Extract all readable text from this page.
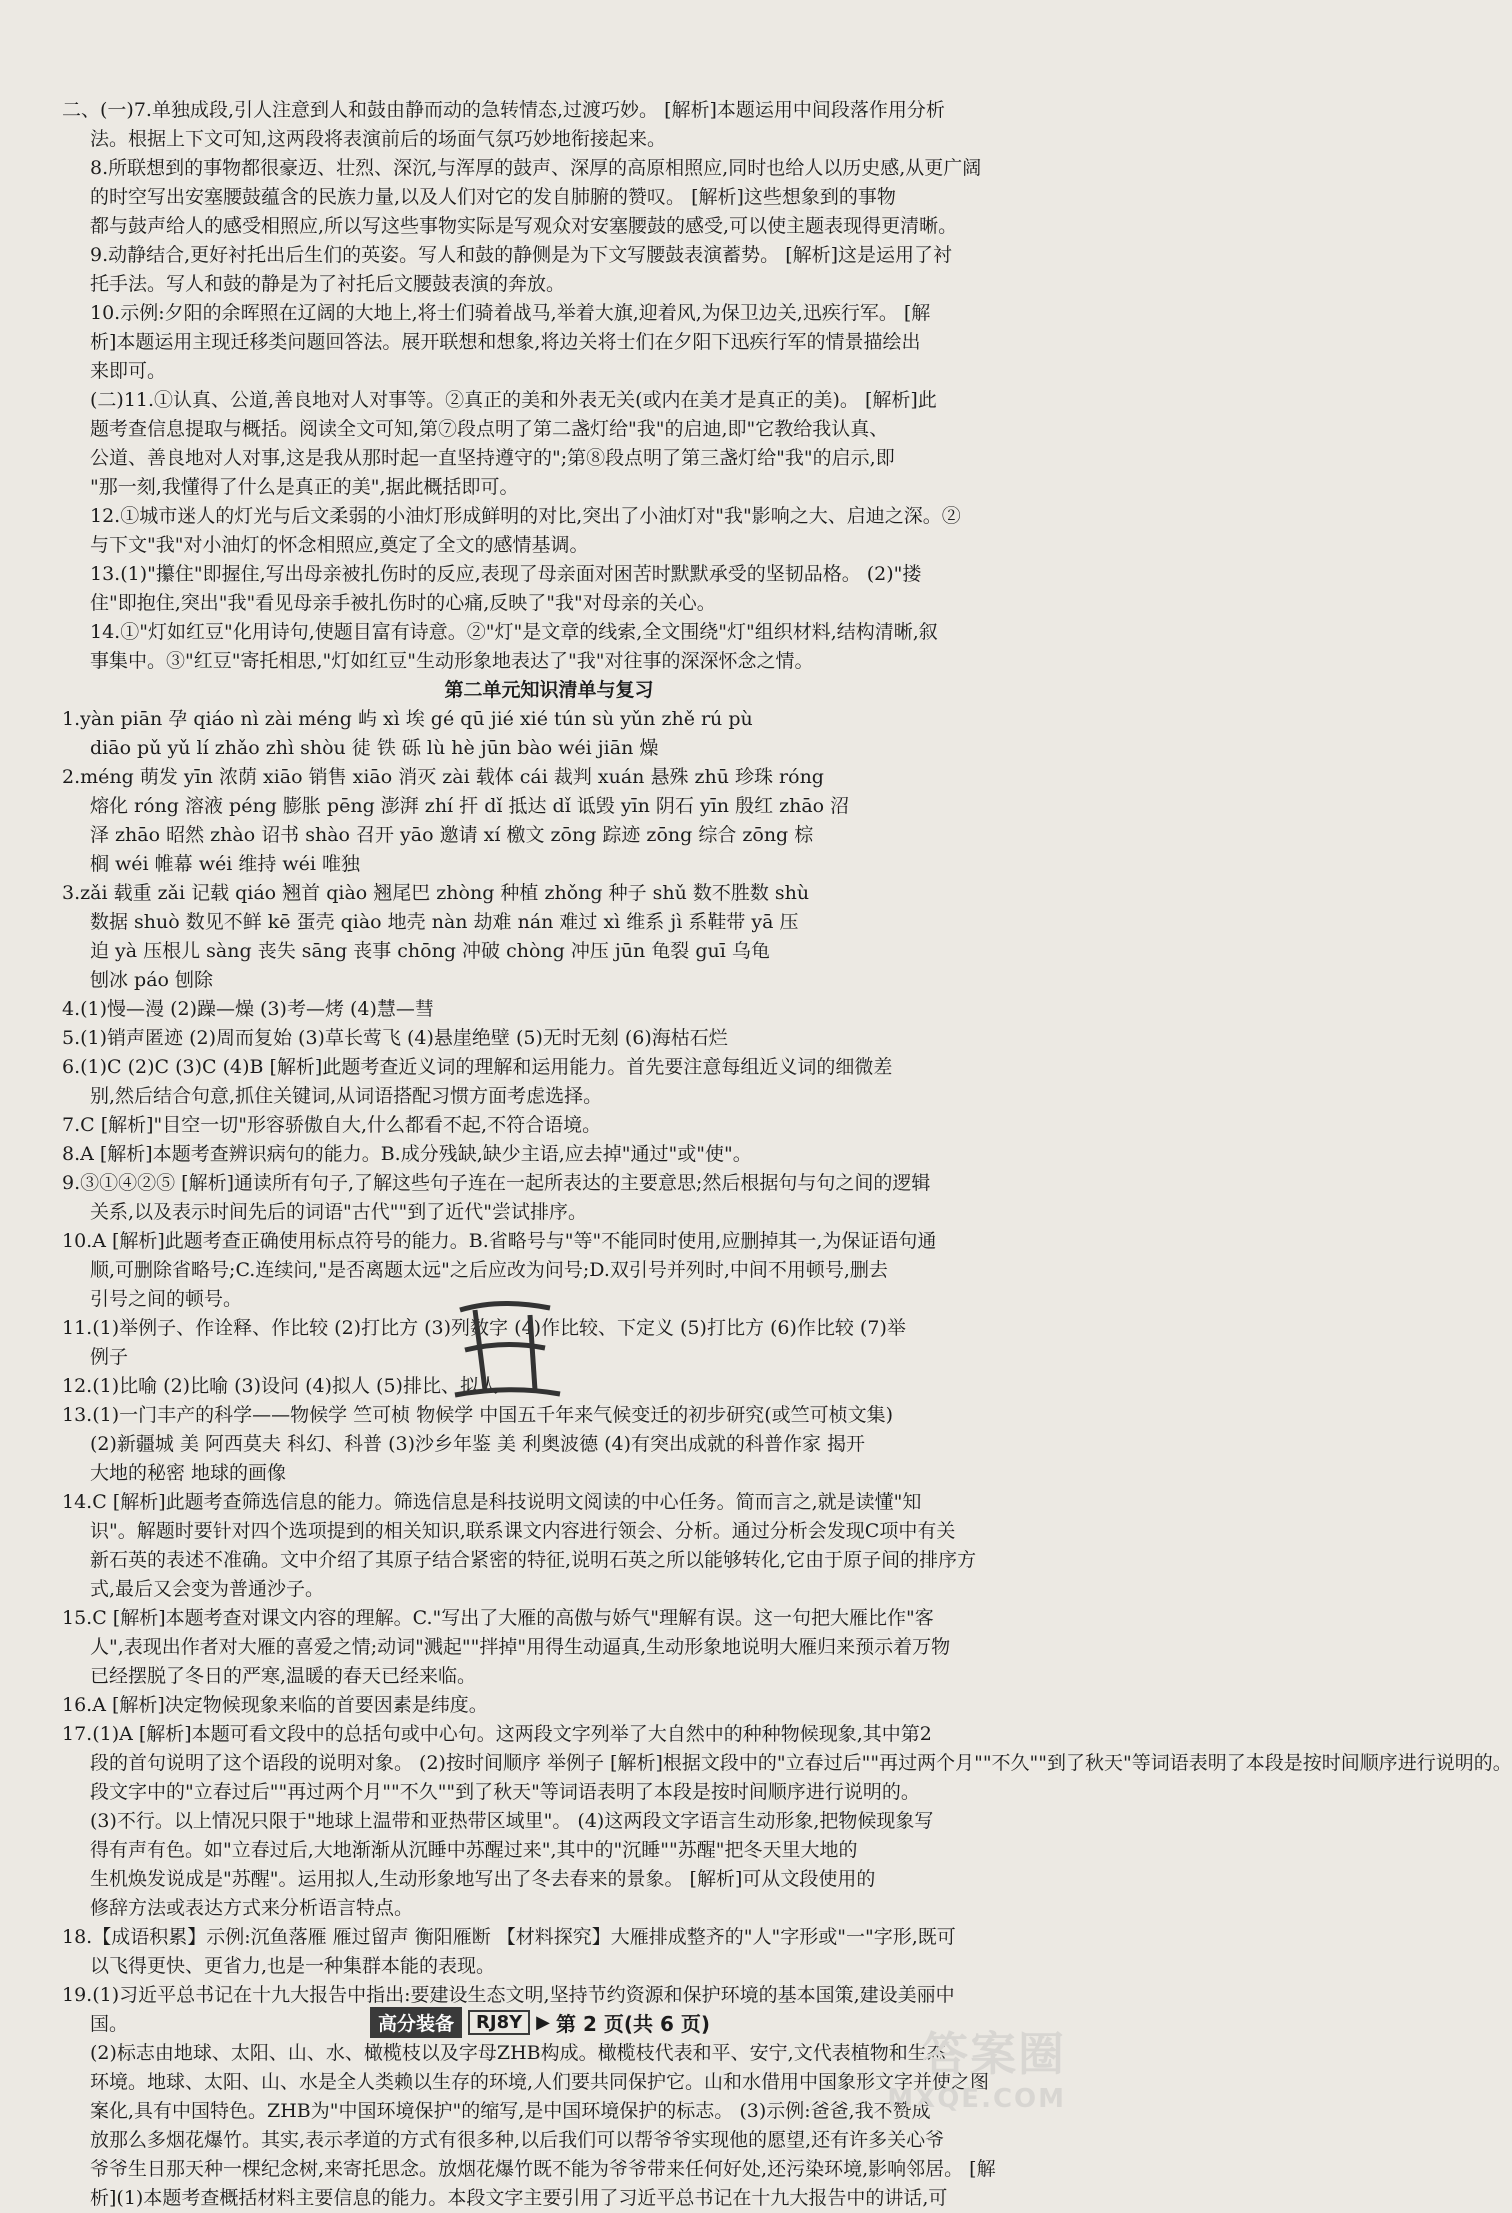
二、(一)7.单独成段,引人注意到人和鼓由静而动的急转情态,过渡巧妙。 [解析]本题运用中间段落作用分析
法。根据上下文可知,这两段将表演前后的场面气氛巧妙地衔接起来。
8.所联想到的事物都很豪迈、壮烈、深沉,与浑厚的鼓声、深厚的高原相照应,同时也给人以历史感,从更广阔
的时空写出安塞腰鼓蕴含的民族力量,以及人们对它的发自肺腑的赞叹。 [解析]这些想象到的事物
都与鼓声给人的感受相照应,所以写这些事物实际是写观众对安塞腰鼓的感受,可以使主题表现得更清晰。
9.动静结合,更好衬托出后生们的英姿。写人和鼓的静侧是为下文写腰鼓表演蓄势。 [解析]这是运用了衬
托手法。写人和鼓的静是为了衬托后文腰鼓表演的奔放。
10.示例:夕阳的余晖照在辽阔的大地上,将士们骑着战马,举着大旗,迎着风,为保卫边关,迅疾行军。 [解
析]本题运用主现迁移类问题回答法。展开联想和想象,将边关将士们在夕阳下迅疾行军的情景描绘出
来即可。
(二)11.①认真、公道,善良地对人对事等。②真正的美和外表无关(或内在美才是真正的美)。 [解析]此
题考查信息提取与概括。阅读全文可知,第⑦段点明了第二盏灯给"我"的启迪,即"它教给我认真、
公道、善良地对人对事,这是我从那时起一直坚持遵守的";第⑧段点明了第三盏灯给"我"的启示,即
"那一刻,我懂得了什么是真正的美",据此概括即可。
12.①城市迷人的灯光与后文柔弱的小油灯形成鲜明的对比,突出了小油灯对"我"影响之大、启迪之深。②
与下文"我"对小油灯的怀念相照应,奠定了全文的感情基调。
13.(1)"攥住"即握住,写出母亲被扎伤时的反应,表现了母亲面对困苦时默默承受的坚韧品格。 (2)"搂
住"即抱住,突出"我"看见母亲手被扎伤时的心痛,反映了"我"对母亲的关心。
14.①"灯如红豆"化用诗句,使题目富有诗意。②"灯"是文章的线索,全文围绕"灯"组织材料,结构清晰,叙
事集中。③"红豆"寄托相思,"灯如红豆"生动形象地表达了"我"对往事的深深怀念之情。
第二单元知识清单与复习
1.yàn piān 孕 qiáo nì zài méng 屿 xì 埃 gé qū jié xié tún sù yǔn zhě rú pù
diāo pǔ yǔ lí zhǎo zhì shòu 徒 铁 砾 lù hè jūn bào wéi jiān 燥
2.méng 萌发 yīn 浓荫 xiāo 销售 xiāo 消灭 zài 载体 cái 裁判 xuán 悬殊 zhū 珍珠 róng
熔化 róng 溶液 péng 膨胀 pēng 澎湃 zhí 扞 dǐ 抵达 dǐ 诋毁 yīn 阴石 yīn 殷红 zhāo 沼
泽 zhāo 昭然 zhào 诏书 shào 召开 yāo 邀请 xí 檄文 zōng 踪迹 zōng 综合 zōng 棕
榈 wéi 帷幕 wéi 维持 wéi 唯独
3.zǎi 载重 zǎi 记载 qiáo 翘首 qiào 翘尾巴 zhòng 种植 zhǒng 种子 shǔ 数不胜数 shù
数据 shuò 数见不鲜 kē 蛋壳 qiào 地壳 nàn 劫难 nán 难过 xì 维系 jì 系鞋带 yā 压
迫 yà 压根儿 sàng 丧失 sāng 丧事 chōng 冲破 chòng 冲压 jūn 龟裂 guī 乌龟
刨冰 páo 刨除
4.(1)慢—漫 (2)躁—燥 (3)考—烤 (4)慧—彗
5.(1)销声匿迹 (2)周而复始 (3)草长莺飞 (4)悬崖绝壁 (5)无时无刻 (6)海枯石烂
6.(1)C (2)C (3)C (4)B [解析]此题考查近义词的理解和运用能力。首先要注意每组近义词的细微差
别,然后结合句意,抓住关键词,从词语搭配习惯方面考虑选择。
7.C [解析]"目空一切"形容骄傲自大,什么都看不起,不符合语境。
8.A [解析]本题考查辨识病句的能力。B.成分残缺,缺少主语,应去掉"通过"或"使"。
9.③①④②⑤ [解析]通读所有句子,了解这些句子连在一起所表达的主要意思;然后根据句与句之间的逻辑
关系,以及表示时间先后的词语"古代""到了近代"尝试排序。
10.A [解析]此题考查正确使用标点符号的能力。B.省略号与"等"不能同时使用,应删掉其一,为保证语句通
顺,可删除省略号;C.连续问,"是否离题太远"之后应改为问号;D.双引号并列时,中间不用顿号,删去
引号之间的顿号。
11.(1)举例子、作诠释、作比较 (2)打比方 (3)列数字 (4)作比较、下定义 (5)打比方 (6)作比较 (7)举
例子
12.(1)比喻 (2)比喻 (3)设问 (4)拟人 (5)排比、拟人
13.(1)一门丰产的科学——物候学 竺可桢 物候学 中国五千年来气候变迁的初步研究(或竺可桢文集)
(2)新疆城 美 阿西莫夫 科幻、科普 (3)沙乡年鉴 美 利奥波德 (4)有突出成就的科普作家 揭开
大地的秘密 地球的画像
14.C [解析]此题考查筛选信息的能力。筛选信息是科技说明文阅读的中心任务。简而言之,就是读懂"知
识"。解题时要针对四个选项提到的相关知识,联系课文内容进行领会、分析。通过分析会发现C项中有关
新石英的表述不准确。文中介绍了其原子结合紧密的特征,说明石英之所以能够转化,它由于原子间的排序方
式,最后又会变为普通沙子。
15.C [解析]本题考查对课文内容的理解。C."写出了大雁的高傲与娇气"理解有误。这一句把大雁比作"客
人",表现出作者对大雁的喜爱之情;动词"溅起""拌掉"用得生动逼真,生动形象地说明大雁归来预示着万物
已经摆脱了冬日的严寒,温暖的春天已经来临。
16.A [解析]决定物候现象来临的首要因素是纬度。
17.(1)A [解析]本题可看文段中的总括句或中心句。这两段文字列举了大自然中的种种物候现象,其中第2
段的首句说明了这个语段的说明对象。 (2)按时间顺序 举例子 [解析]根据文段中的"立春过后""再过两个月""不久""到了秋天"等词语表明了本段是按时间顺序进行说明的。
段文字中的"立春过后""再过两个月""不久""到了秋天"等词语表明了本段是按时间顺序进行说明的。
(3)不行。以上情况只限于"地球上温带和亚热带区域里"。 (4)这两段文字语言生动形象,把物候现象写
得有声有色。如"立春过后,大地渐渐从沉睡中苏醒过来",其中的"沉睡""苏醒"把冬天里大地的
生机焕发说成是"苏醒"。运用拟人,生动形象地写出了冬去春来的景象。 [解析]可从文段使用的
修辞方法或表达方式来分析语言特点。
18.【成语积累】示例:沉鱼落雁 雁过留声 衡阳雁断 【材料探究】大雁排成整齐的"人"字形或"一"字形,既可
以飞得更快、更省力,也是一种集群本能的表现。
19.(1)习近平总书记在十九大报告中指出:要建设生态文明,坚持节约资源和保护环境的基本国策,建设美丽中
国。
(2)标志由地球、太阳、山、水、橄榄枝以及字母ZHB构成。橄榄枝代表和平、安宁,文代表植物和生态
环境。地球、太阳、山、水是全人类赖以生存的环境,人们要共同保护它。山和水借用中国象形文字并使之图
案化,具有中国特色。ZHB为"中国环境保护"的缩写,是中国环境保护的标志。 (3)示例:爸爸,我不赞成
放那么多烟花爆竹。其实,表示孝道的方式有很多种,以后我们可以帮爷爷实现他的愿望,还有许多关心爷
爷爷生日那天种一棵纪念树,来寄托思念。放烟花爆竹既不能为爷爷带来任何好处,还污染环境,影响邻居。 [解
析](1)本题考查概括材料主要信息的能力。本段文字主要引用了习近平总书记在十九大报告中的讲话,可
高分装备	RJ8Y ▶ 第 2 页(共 6 页)
答案圈
MXQE.COM
